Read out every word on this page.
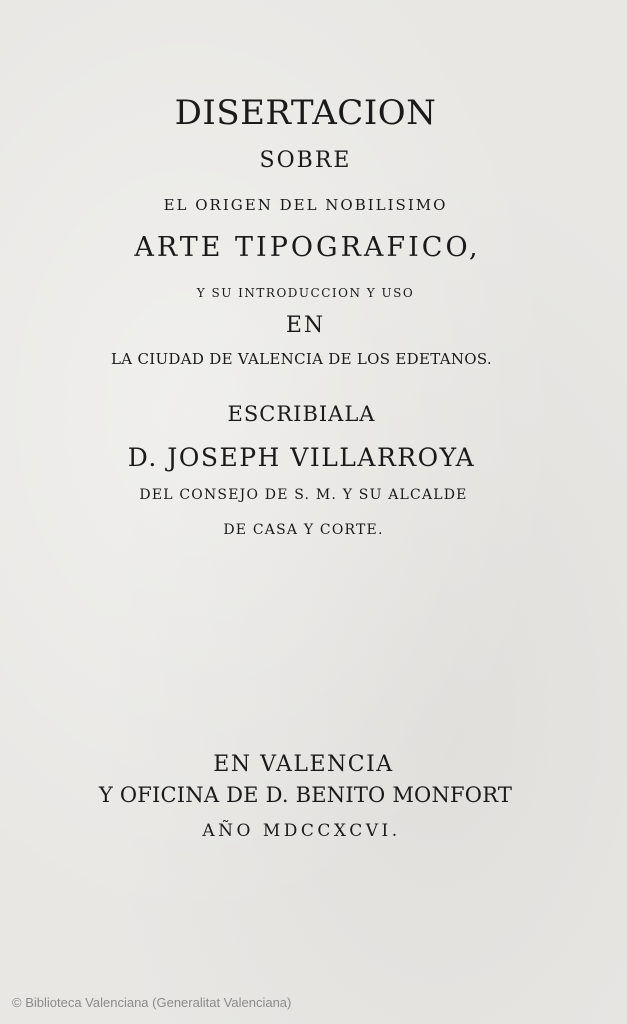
DISERTACION
SOBRE
EL ORIGEN DEL NOBILISIMO
ARTE TIPOGRAFICO,
Y SU INTRODUCCION Y USO
EN
LA CIUDAD DE VALENCIA DE LOS EDETANOS.
ESCRIBIALA
D. JOSEPH VILLARROYA
DEL CONSEJO DE S. M. Y SU ALCALDE
DE CASA Y CORTE.
EN VALENCIA
Y OFICINA DE D. BENITO MONFORT
AÑO MDCCXCVI.
© Biblioteca Valenciana (Generalitat Valenciana)
